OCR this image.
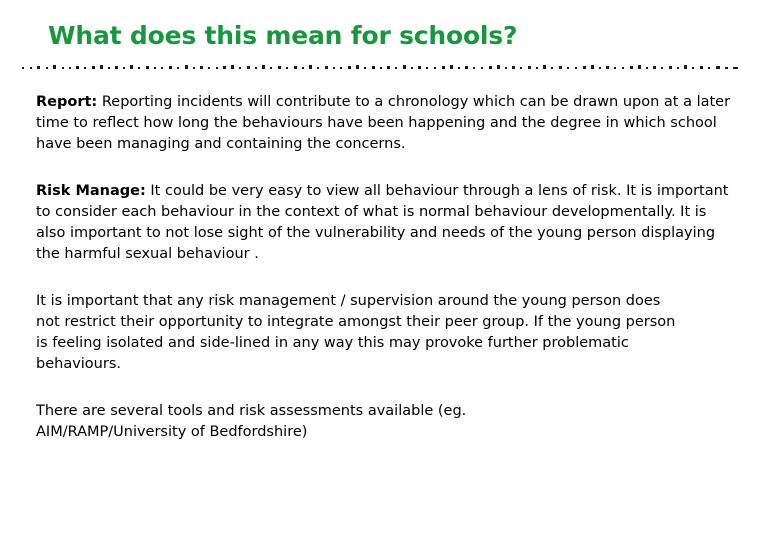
What does this mean for schools?

Report: Reporting incidents will contribute to a chronology which can be drawn upon at a later time to reflect how long the behaviours have been happening and the degree in which school have been managing and containing the concerns.

Risk Manage: It could be very easy to view all behaviour through a lens of risk. It is important to consider each behaviour in the context of what is normal behaviour developmentally. It is also important to not lose sight of the vulnerability and needs of the young person displaying the harmful sexual behaviour .

It is important that any risk management / supervision around the young person does not restrict their opportunity to integrate amongst their peer group. If the young person is feeling isolated and side-lined in any way this may provoke further problematic behaviours.

There are several tools and risk assessments available (eg. AIM/RAMP/University of Bedfordshire)
